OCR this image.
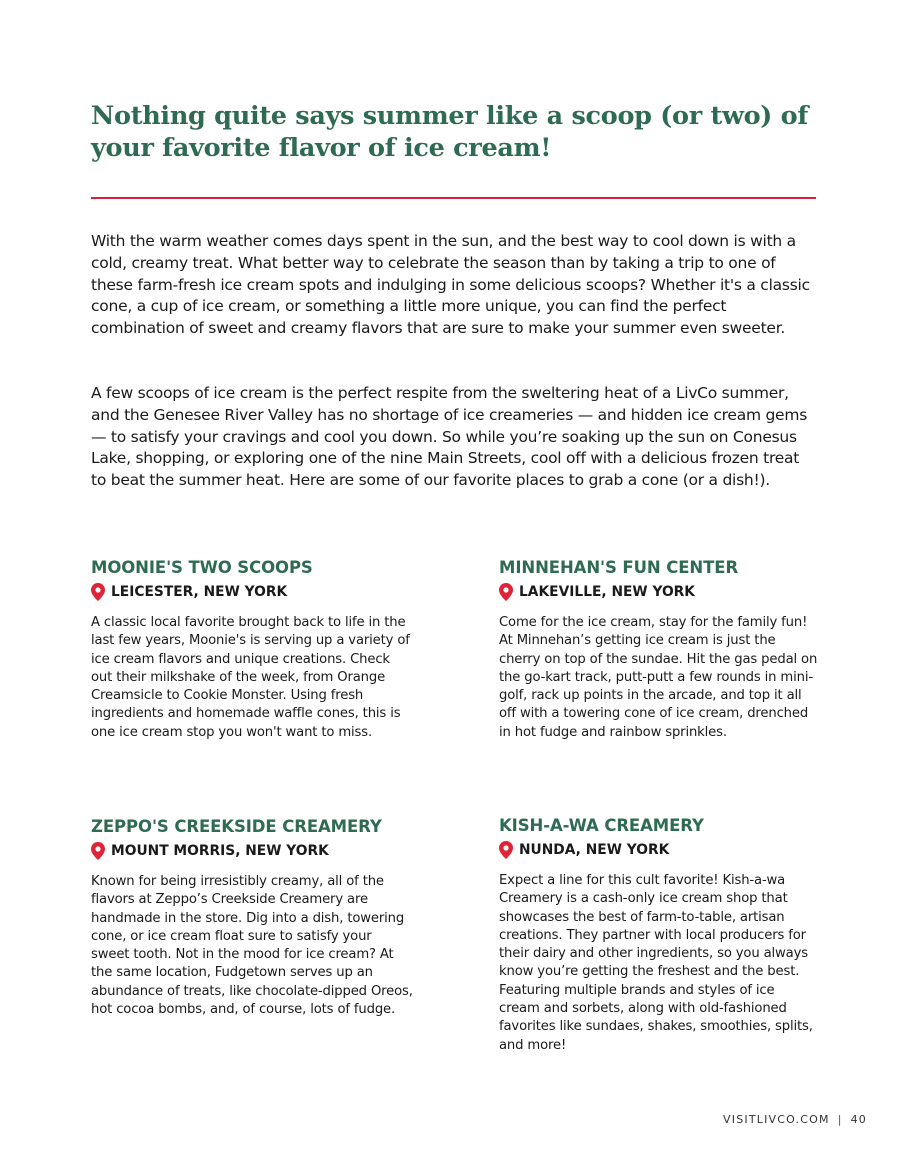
Nothing quite says summer like a scoop (or two) of your favorite flavor of ice cream!

With the warm weather comes days spent in the sun, and the best way to cool down is with a cold, creamy treat. What better way to celebrate the season than by taking a trip to one of these farm-fresh ice cream spots and indulging in some delicious scoops? Whether it's a classic cone, a cup of ice cream, or something a little more unique, you can find the perfect combination of sweet and creamy flavors that are sure to make your summer even sweeter.

A few scoops of ice cream is the perfect respite from the sweltering heat of a LivCo summer, and the Genesee River Valley has no shortage of ice creameries — and hidden ice cream gems — to satisfy your cravings and cool you down. So while you’re soaking up the sun on Conesus Lake, shopping, or exploring one of the nine Main Streets, cool off with a delicious frozen treat to beat the summer heat. Here are some of our favorite places to grab a cone (or a dish!).

MOONIE'S TWO SCOOPS
LEICESTER, NEW YORK

A classic local favorite brought back to life in the last few years, Moonie's is serving up a variety of ice cream flavors and unique creations. Check out their milkshake of the week, from Orange Creamsicle to Cookie Monster. Using fresh ingredients and homemade waffle cones, this is one ice cream stop you won't want to miss.

MINNEHAN'S FUN CENTER
LAKEVILLE, NEW YORK

Come for the ice cream, stay for the family fun! At Minnehan’s getting ice cream is just the cherry on top of the sundae. Hit the gas pedal on the go-kart track, putt-putt a few rounds in mini-golf, rack up points in the arcade, and top it all off with a towering cone of ice cream, drenched in hot fudge and rainbow sprinkles.

ZEPPO'S CREEKSIDE CREAMERY
MOUNT MORRIS, NEW YORK

Known for being irresistibly creamy, all of the flavors at Zeppo’s Creekside Creamery are handmade in the store. Dig into a dish, towering cone, or ice cream float sure to satisfy your sweet tooth. Not in the mood for ice cream? At the same location, Fudgetown serves up an abundance of treats, like chocolate-dipped Oreos, hot cocoa bombs, and, of course, lots of fudge.

KISH-A-WA CREAMERY
NUNDA, NEW YORK

Expect a line for this cult favorite! Kish-a-wa Creamery is a cash-only ice cream shop that showcases the best of farm-to-table, artisan creations. They partner with local producers for their dairy and other ingredients, so you always know you’re getting the freshest and the best. Featuring multiple brands and styles of ice cream and sorbets, along with old-fashioned favorites like sundaes, shakes, smoothies, splits, and more!

VISITLIVCO.COM | 40
